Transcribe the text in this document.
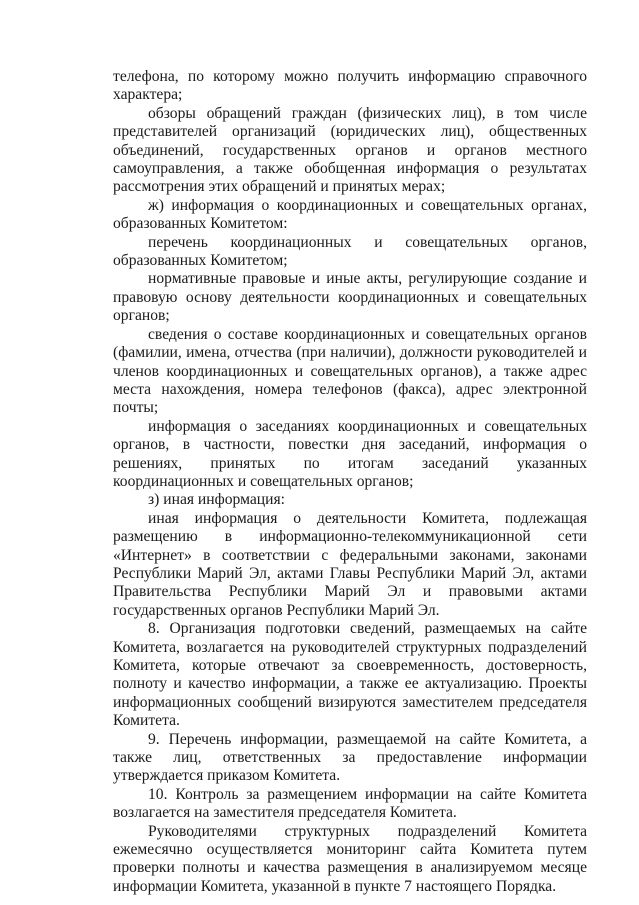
телефона, по которому можно получить информацию справочного характера;

обзоры обращений граждан (физических лиц), в том числе представителей организаций (юридических лиц), общественных объединений, государственных органов и органов местного самоуправления, а также обобщенная информация о результатах рассмотрения этих обращений и принятых мерах;

ж) информация о координационных и совещательных органах, образованных Комитетом:

перечень координационных и совещательных органов, образованных Комитетом;

нормативные правовые и иные акты, регулирующие создание и правовую основу деятельности координационных и совещательных органов;

сведения о составе координационных и совещательных органов (фамилии, имена, отчества (при наличии), должности руководителей и членов координационных и совещательных органов), а также адрес места нахождения, номера телефонов (факса), адрес электронной почты;

информация о заседаниях координационных и совещательных органов, в частности, повестки дня заседаний, информация о решениях, принятых по итогам заседаний указанных координационных и совещательных органов;

з) иная информация:

иная информация о деятельности Комитета, подлежащая размещению в информационно-телекоммуникационной сети «Интернет» в соответствии с федеральными законами, законами Республики Марий Эл, актами Главы Республики Марий Эл, актами Правительства Республики Марий Эл и правовыми актами государственных органов Республики Марий Эл.

8. Организация подготовки сведений, размещаемых на сайте Комитета, возлагается на руководителей структурных подразделений Комитета, которые отвечают за своевременность, достоверность, полноту и качество информации, а также ее актуализацию. Проекты информационных сообщений визируются заместителем председателя Комитета.

9. Перечень информации, размещаемой на сайте Комитета, а также лиц, ответственных за предоставление информации утверждается приказом Комитета.

10. Контроль за размещением информации на сайте Комитета возлагается на заместителя председателя Комитета.

Руководителями структурных подразделений Комитета ежемесячно осуществляется мониторинг сайта Комитета путем проверки полноты и качества размещения в анализируемом месяце информации Комитета, указанной в пункте 7 настоящего Порядка.
